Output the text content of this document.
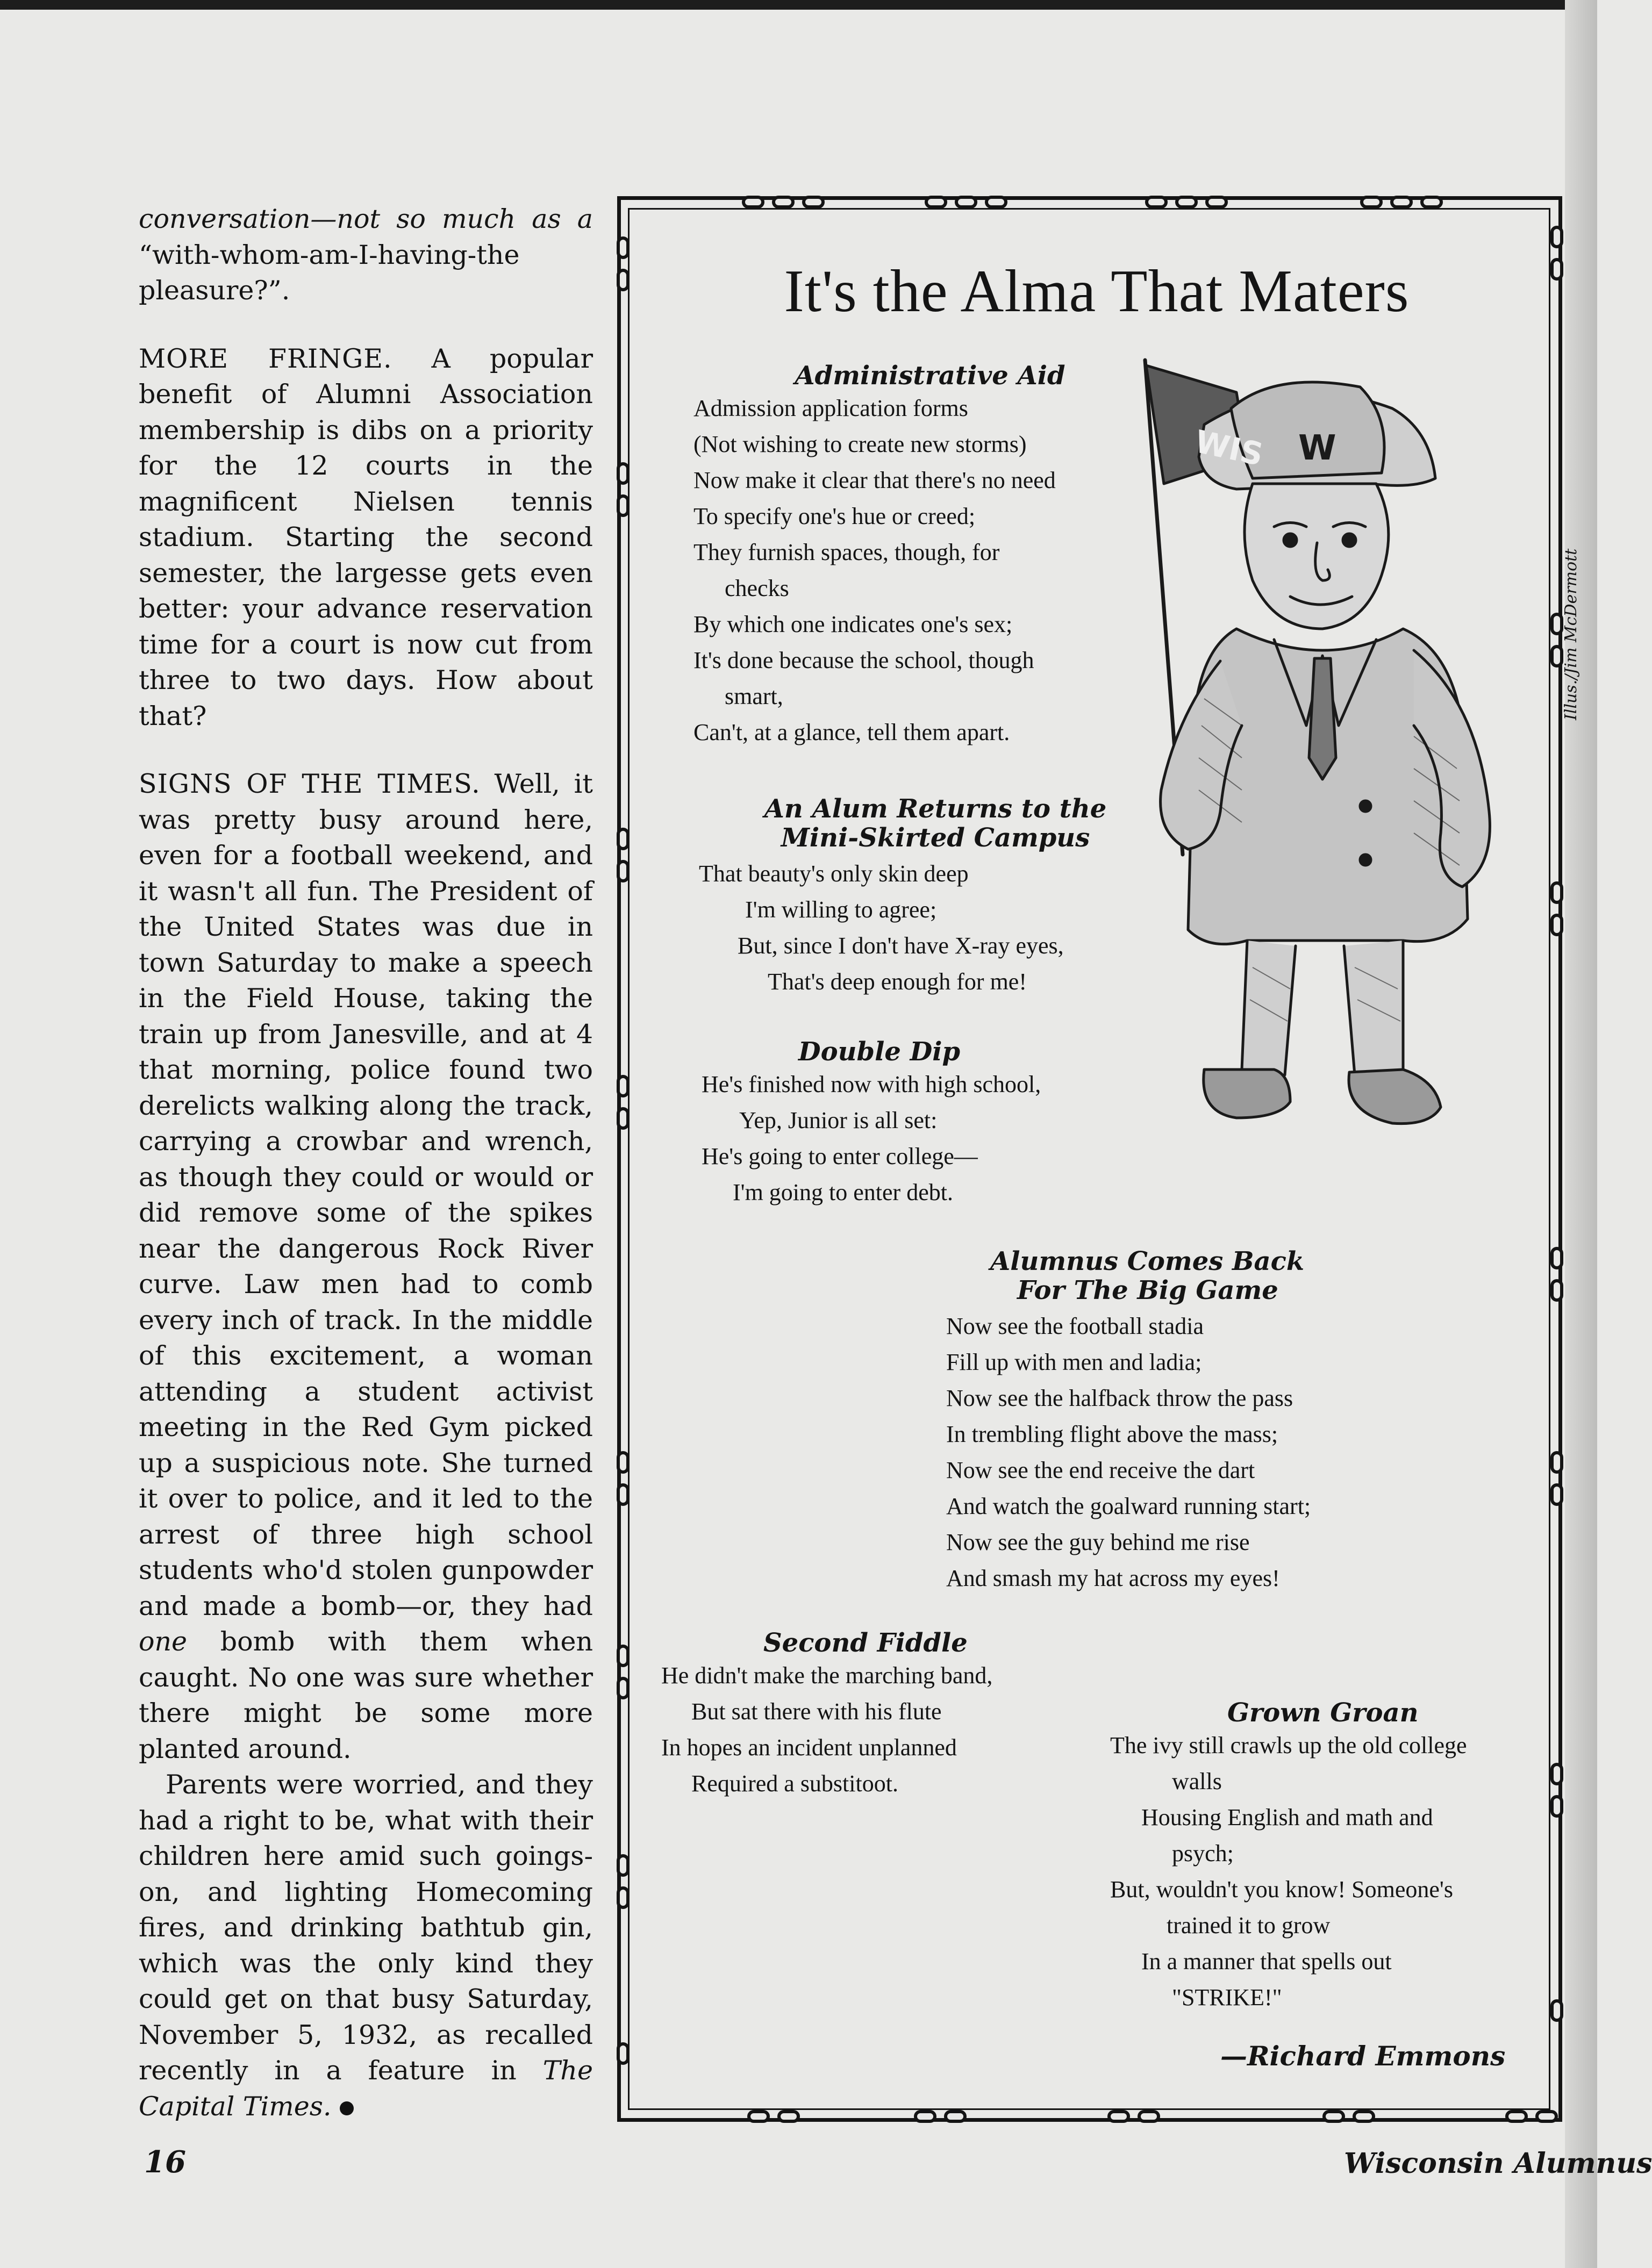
conversation—not so much as a “with-whom-am-I-having-the pleasure?”.

MORE FRINGE. A popular benefit of Alumni Association membership is dibs on a priority for the 12 courts in the magnificent Nielsen tennis stadium. Starting the second semester, the largesse gets even better: your advance reservation time for a court is now cut from three to two days. How about that?

SIGNS OF THE TIMES. Well, it was pretty busy around here, even for a football weekend, and it wasn't all fun. The President of the United States was due in town Saturday to make a speech in the Field House, taking the train up from Janesville, and at 4 that morning, police found two derelicts walking along the track, carrying a crowbar and wrench, as though they could or would or did remove some of the spikes near the dangerous Rock River curve. Law men had to comb every inch of track. In the middle of this excitement, a woman attending a student activist meeting in the Red Gym picked up a suspicious note. She turned it over to police, and it led to the arrest of three high school students who'd stolen gunpowder and made a bomb—or, they had one bomb with them when caught. No one was sure whether there might be some more planted around.

Parents were worried, and they had a right to be, what with their children here amid such goings-on, and lighting Homecoming fires, and drinking bathtub gin, which was the only kind they could get on that busy Saturday, November 5, 1932, as recalled recently in a feature in The Capital Times.

It's the Alma That Maters
Illus./Jim McDermott
Administrative Aid
Admission application forms
(Not wishing to create new storms)
Now make it clear that there's no need
To specify one's hue or creed;
They furnish spaces, though, for
checks
By which one indicates one's sex;
It's done because the school, though
smart,
Can't, at a glance, tell them apart.
An Alum Returns to the
Mini-Skirted Campus
That beauty's only skin deep
I'm willing to agree;
But, since I don't have X-ray eyes,
That's deep enough for me!
Double Dip
He's finished now with high school,
Yep, Junior is all set:
He's going to enter college—
I'm going to enter debt.
Alumnus Comes Back
For The Big Game
Now see the football stadia
Fill up with men and ladia;
Now see the halfback throw the pass
In trembling flight above the mass;
Now see the end receive the dart
And watch the goalward running start;
Now see the guy behind me rise
And smash my hat across my eyes!
Second Fiddle
He didn't make the marching band,
But sat there with his flute
In hopes an incident unplanned
Required a substitoot.
Grown Groan
The ivy still crawls up the old college
walls
Housing English and math and
psych;
But, wouldn't you know! Someone's
trained it to grow
In a manner that spells out
"STRIKE!"
—Richard Emmons
WIS W
16	Wisconsin Alumnus
